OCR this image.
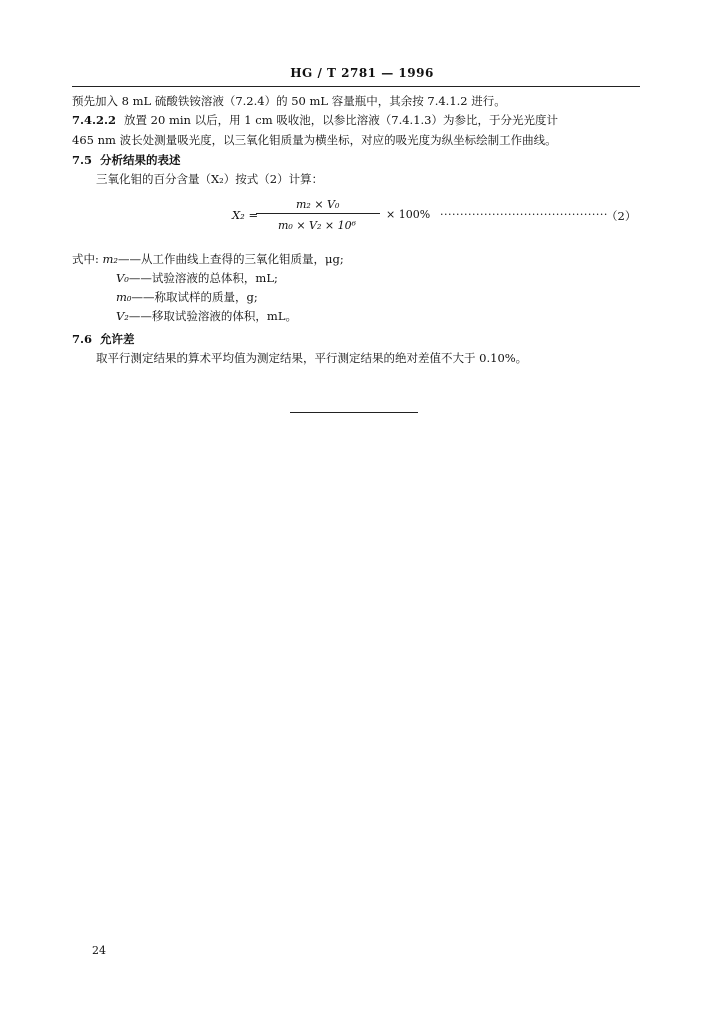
HG / T 2781 — 1996
预先加入 8 mL 硫酸铁铵溶液（7.2.4）的 50 mL 容量瓶中，其余按 7.4.1.2 进行。
7.4.2.2 放置 20 min 以后，用 1 cm 吸收池，以参比溶液（7.4.1.3）为参比，于分光光度计
465 nm 波长处测量吸光度，以三氧化钼质量为横坐标，对应的吸光度为纵坐标绘制工作曲线。
7.5 分析结果的表述
三氧化钼的百分含量（X₂）按式（2）计算：
X₂ =
m₂ × V₀
m₀ × V₂ × 10⁶
× 100% ··········································
（2）
式中: m₂——从工作曲线上查得的三氧化钼质量，μg;
V₀——试验溶液的总体积，mL;
m₀——称取试样的质量，g;
V₂——移取试验溶液的体积，mL。
7.6 允许差
取平行测定结果的算术平均值为测定结果，平行测定结果的绝对差值不大于 0.10%。
24
